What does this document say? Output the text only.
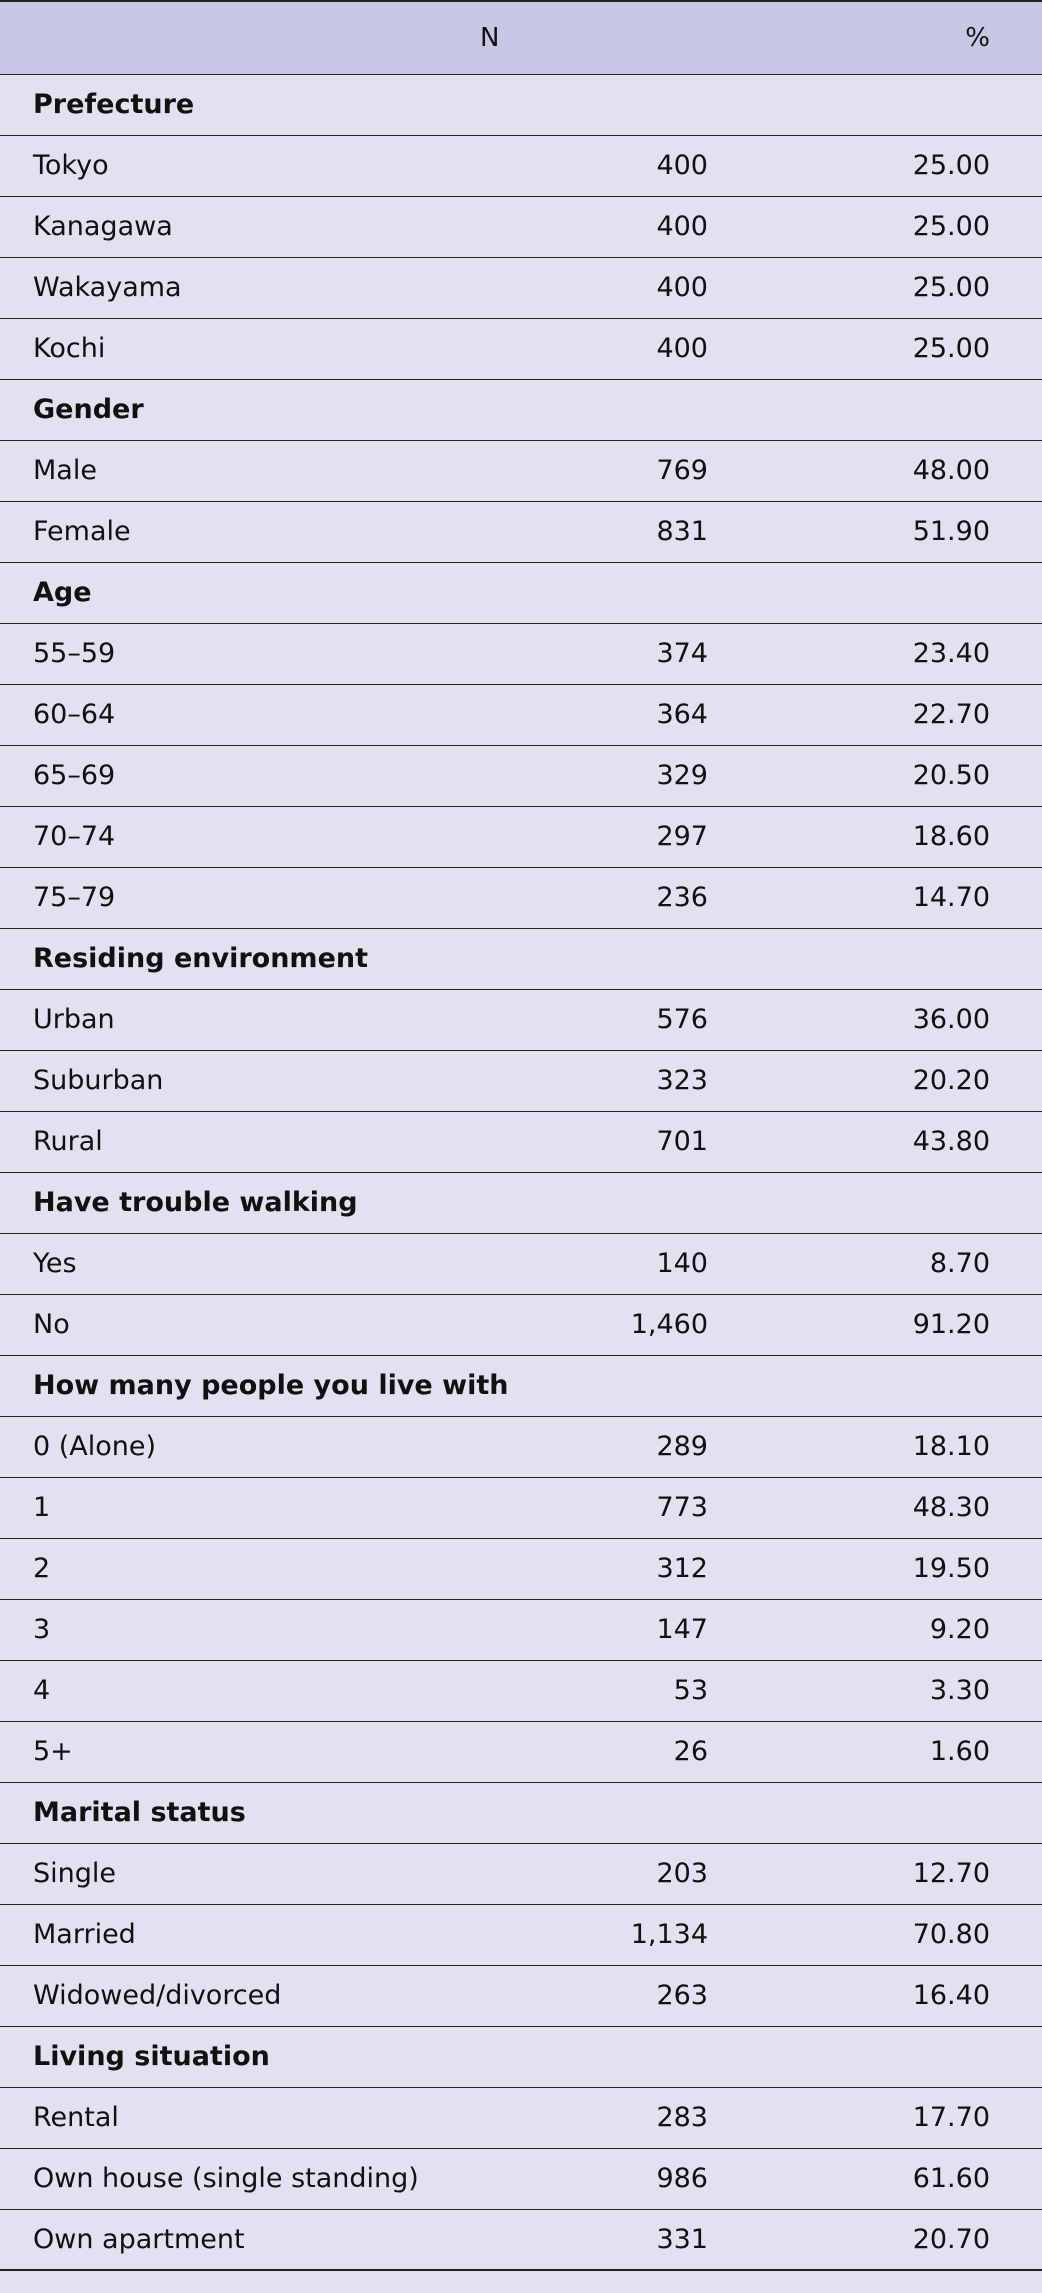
	N	%
Prefecture		
Tokyo	400	25.00
Kanagawa	400	25.00
Wakayama	400	25.00
Kochi	400	25.00
Gender		
Male	769	48.00
Female	831	51.90
Age		
55–59	374	23.40
60–64	364	22.70
65–69	329	20.50
70–74	297	18.60
75–79	236	14.70
Residing environment		
Urban	576	36.00
Suburban	323	20.20
Rural	701	43.80
Have trouble walking		
Yes	140	8.70
No	1,460	91.20
How many people you live with		
0 (Alone)	289	18.10
1	773	48.30
2	312	19.50
3	147	9.20
4	53	3.30
5+	26	1.60
Marital status		
Single	203	12.70
Married	1,134	70.80
Widowed/divorced	263	16.40
Living situation		
Rental	283	17.70
Own house (single standing)	986	61.60
Own apartment	331	20.70
